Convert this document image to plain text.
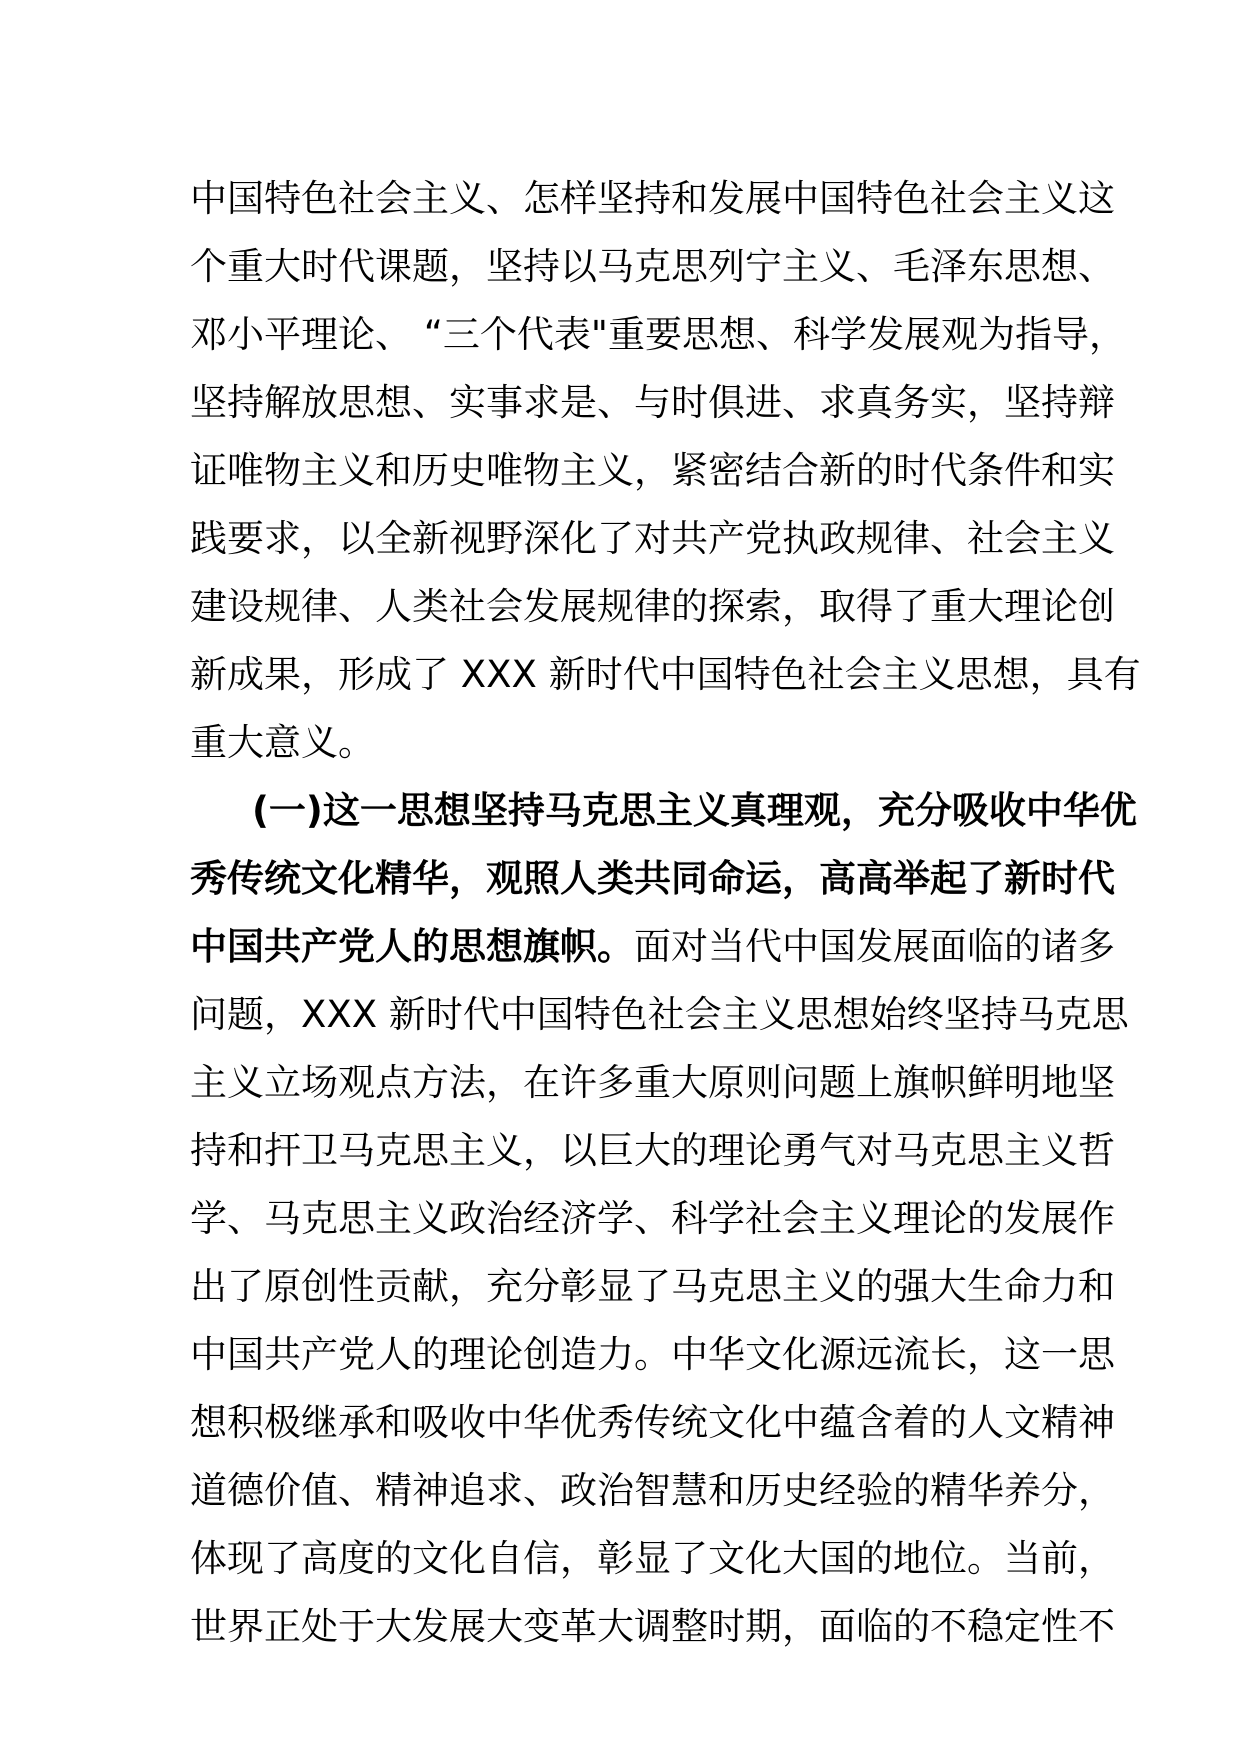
中国特色社会主义、怎样坚持和发展中国特色社会主义这
个重大时代课题，坚持以马克思列宁主义、毛泽东思想、
邓小平理论、 “三个代表"重要思想、科学发展观为指导，
坚持解放思想、实事求是、与时俱进、求真务实，坚持辩
证唯物主义和历史唯物主义，紧密结合新的时代条件和实
践要求，以全新视野深化了对共产党执政规律、社会主义
建设规律、人类社会发展规律的探索，取得了重大理论创
新成果，形成了 XXX 新时代中国特色社会主义思想，具有
重大意义。
(一)这一思想坚持马克思主义真理观，充分吸收中华优
秀传统文化精华，观照人类共同命运，高高举起了新时代
中国共产党人的思想旗帜。面对当代中国发展面临的诸多
问题，XXX 新时代中国特色社会主义思想始终坚持马克思
主义立场观点方法，在许多重大原则问题上旗帜鲜明地坚
持和扞卫马克思主义，以巨大的理论勇气对马克思主义哲
学、马克思主义政治经济学、科学社会主义理论的发展作
出了原创性贡献，充分彰显了马克思主义的强大生命力和
中国共产党人的理论创造力。中华文化源远流长，这一思
想积极继承和吸收中华优秀传统文化中蕴含着的人文精神
道德价值、精神追求、政治智慧和历史经验的精华养分，
体现了高度的文化自信，彰显了文化大国的地位。当前，
世界正处于大发展大变革大调整时期，面临的不稳定性不
